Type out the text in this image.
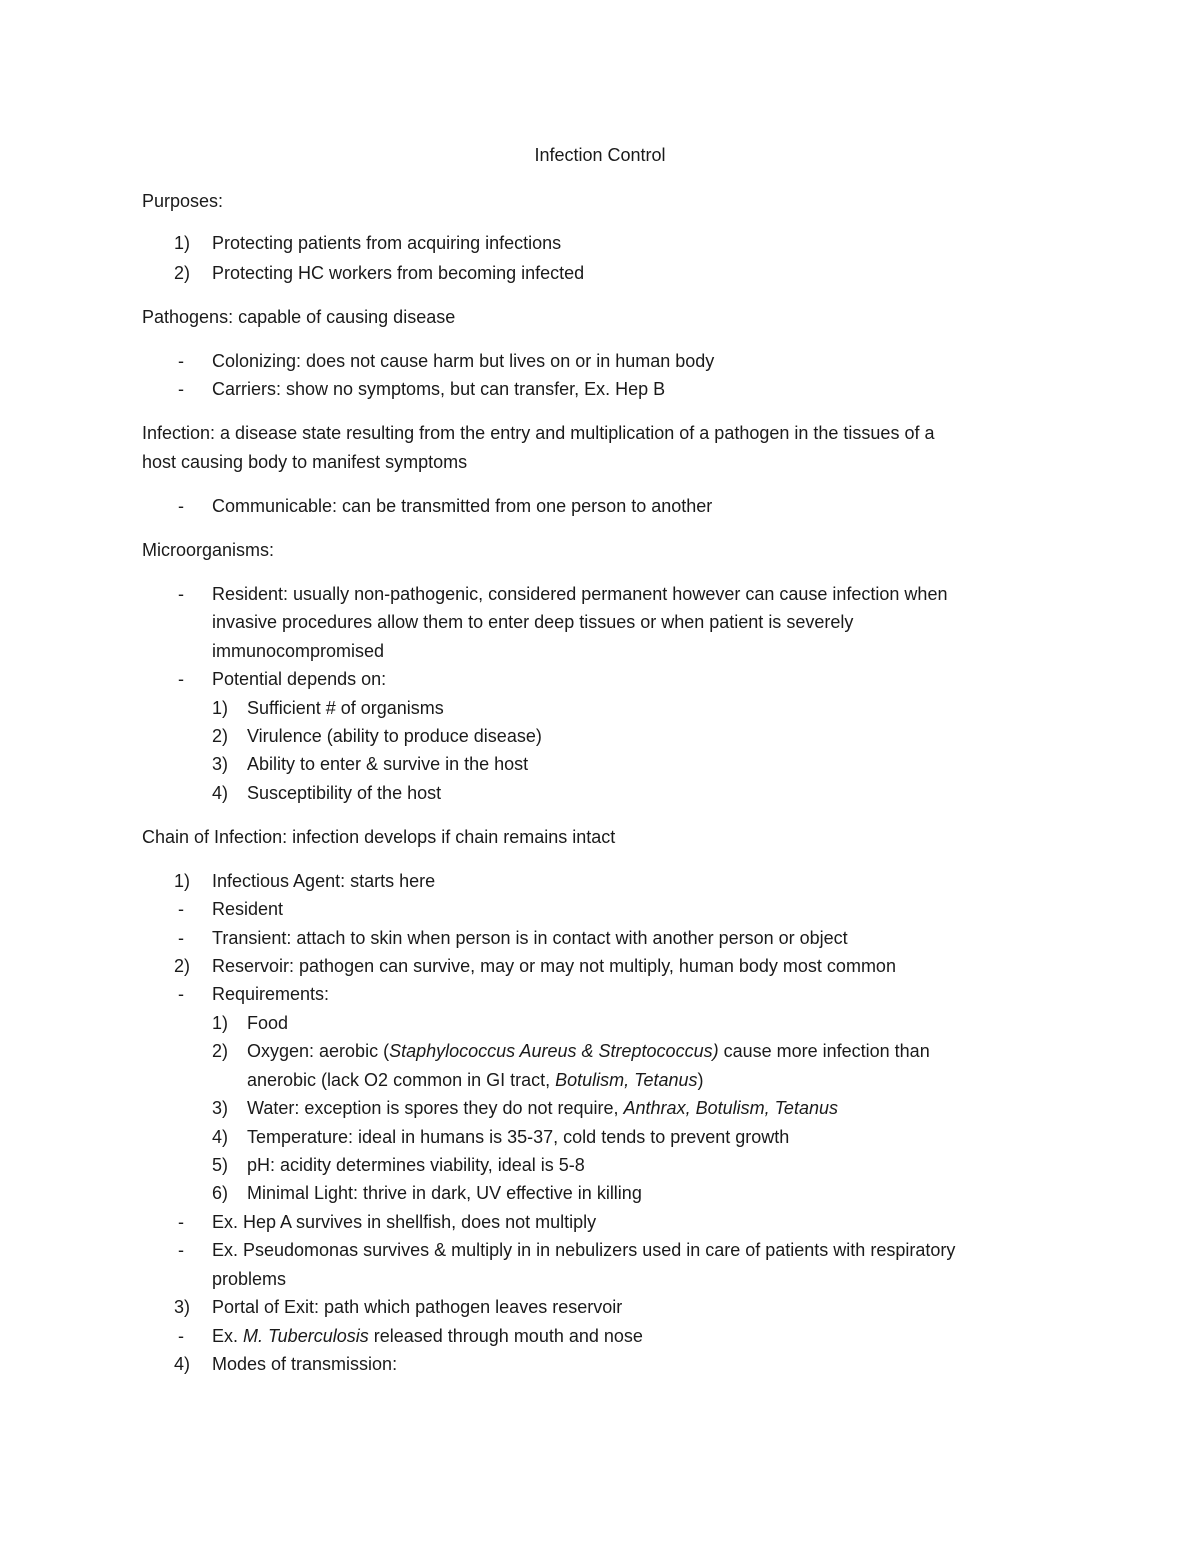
Infection Control
Purposes:
1) Protecting patients from acquiring infections
2) Protecting HC workers from becoming infected
Pathogens: capable of causing disease
- Colonizing: does not cause harm but lives on or in human body
- Carriers: show no symptoms, but can transfer, Ex. Hep B
Infection: a disease state resulting from the entry and multiplication of a pathogen in the tissues of a
host causing body to manifest symptoms
- Communicable: can be transmitted from one person to another
Microorganisms:
- Resident: usually non-pathogenic, considered permanent however can cause infection when
invasive procedures allow them to enter deep tissues or when patient is severely
immunocompromised
- Potential depends on:
1) Sufficient # of organisms
2) Virulence (ability to produce disease)
3) Ability to enter & survive in the host
4) Susceptibility of the host
Chain of Infection: infection develops if chain remains intact
1) Infectious Agent: starts here
- Resident
- Transient: attach to skin when person is in contact with another person or object
2) Reservoir: pathogen can survive, may or may not multiply, human body most common
- Requirements:
1) Food
2) Oxygen: aerobic (Staphylococcus Aureus & Streptococcus) cause more infection than
anerobic (lack O2 common in GI tract, Botulism, Tetanus)
3) Water: exception is spores they do not require, Anthrax, Botulism, Tetanus
4) Temperature: ideal in humans is 35-37, cold tends to prevent growth
5) pH: acidity determines viability, ideal is 5-8
6) Minimal Light: thrive in dark, UV effective in killing
- Ex. Hep A survives in shellfish, does not multiply
- Ex. Pseudomonas survives & multiply in in nebulizers used in care of patients with respiratory
problems
3) Portal of Exit: path which pathogen leaves reservoir
- Ex. M. Tuberculosis released through mouth and nose
4) Modes of transmission:
